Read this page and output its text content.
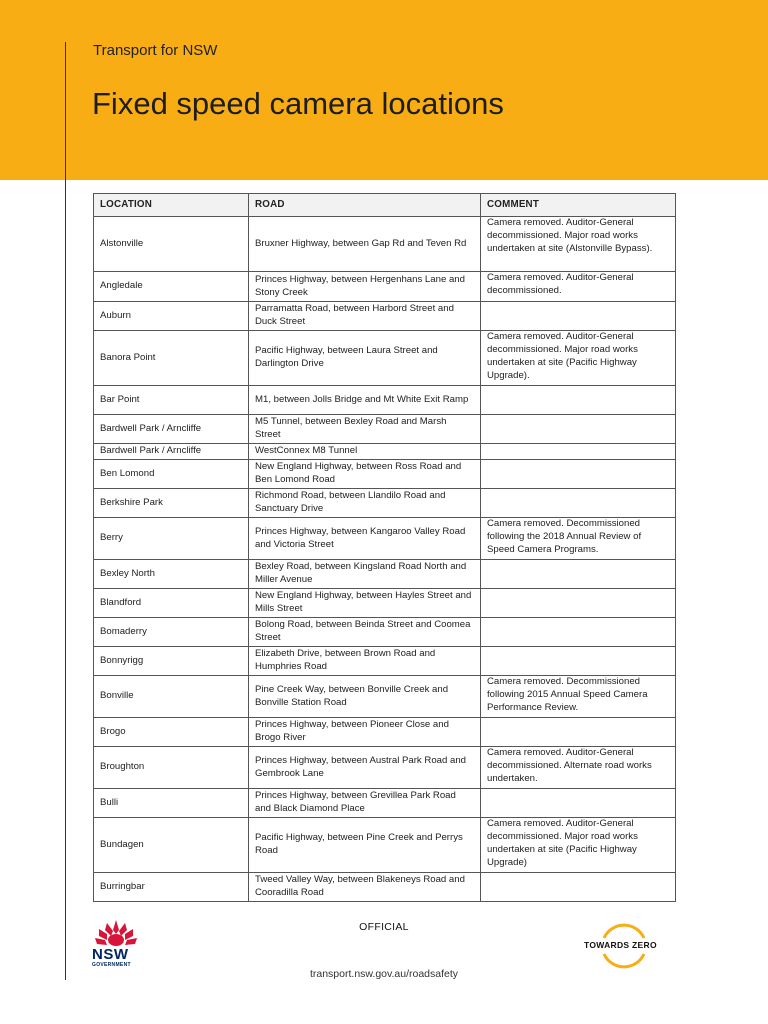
Transport for NSW
Fixed speed camera locations
LOCATION	ROAD	COMMENT
Alstonville	Bruxner Highway, between Gap Rd and Teven Rd	Camera removed. Auditor-General decommissioned. Major road works undertaken at site (Alstonville Bypass).
Angledale	Princes Highway, between Hergenhans Lane and Stony Creek	Camera removed. Auditor-General decommissioned.
Auburn	Parramatta Road, between Harbord Street and Duck Street	
Banora Point	Pacific Highway, between Laura Street and Darlington Drive	Camera removed. Auditor-General decommissioned. Major road works undertaken at site (Pacific Highway Upgrade).
Bar Point	M1, between Jolls Bridge and Mt White Exit Ramp	
Bardwell Park / Arncliffe	M5 Tunnel, between Bexley Road and Marsh Street	
Bardwell Park / Arncliffe	WestConnex M8 Tunnel	
Ben Lomond	New England Highway, between Ross Road and Ben Lomond Road	
Berkshire Park	Richmond Road, between Llandilo Road and Sanctuary Drive	
Berry	Princes Highway, between Kangaroo Valley Road and Victoria Street	Camera removed. Decommissioned following the 2018 Annual Review of Speed Camera Programs.
Bexley North	Bexley Road, between Kingsland Road North and Miller Avenue	
Blandford	New England Highway, between Hayles Street and Mills Street	
Bomaderry	Bolong Road, between Beinda Street and Coomea Street	
Bonnyrigg	Elizabeth Drive, between Brown Road and Humphries Road	
Bonville	Pine Creek Way, between Bonville Creek and Bonville Station Road	Camera removed. Decommissioned following 2015 Annual Speed Camera Performance Review.
Brogo	Princes Highway, between Pioneer Close and Brogo River	
Broughton	Princes Highway, between Austral Park Road and Gembrook Lane	Camera removed. Auditor-General decommissioned. Alternate road works undertaken.
Bulli	Princes Highway, between Grevillea Park Road and Black Diamond Place	
Bundagen	Pacific Highway, between Pine Creek and Perrys Road	Camera removed. Auditor-General decommissioned. Major road works undertaken at site (Pacific Highway Upgrade)
Burringbar	Tweed Valley Way, between Blakeneys Road and Cooradilla Road	
OFFICIAL
transport.nsw.gov.au/roadsafety
NSW
GOVERNMENT
TOWARDS ZERO
